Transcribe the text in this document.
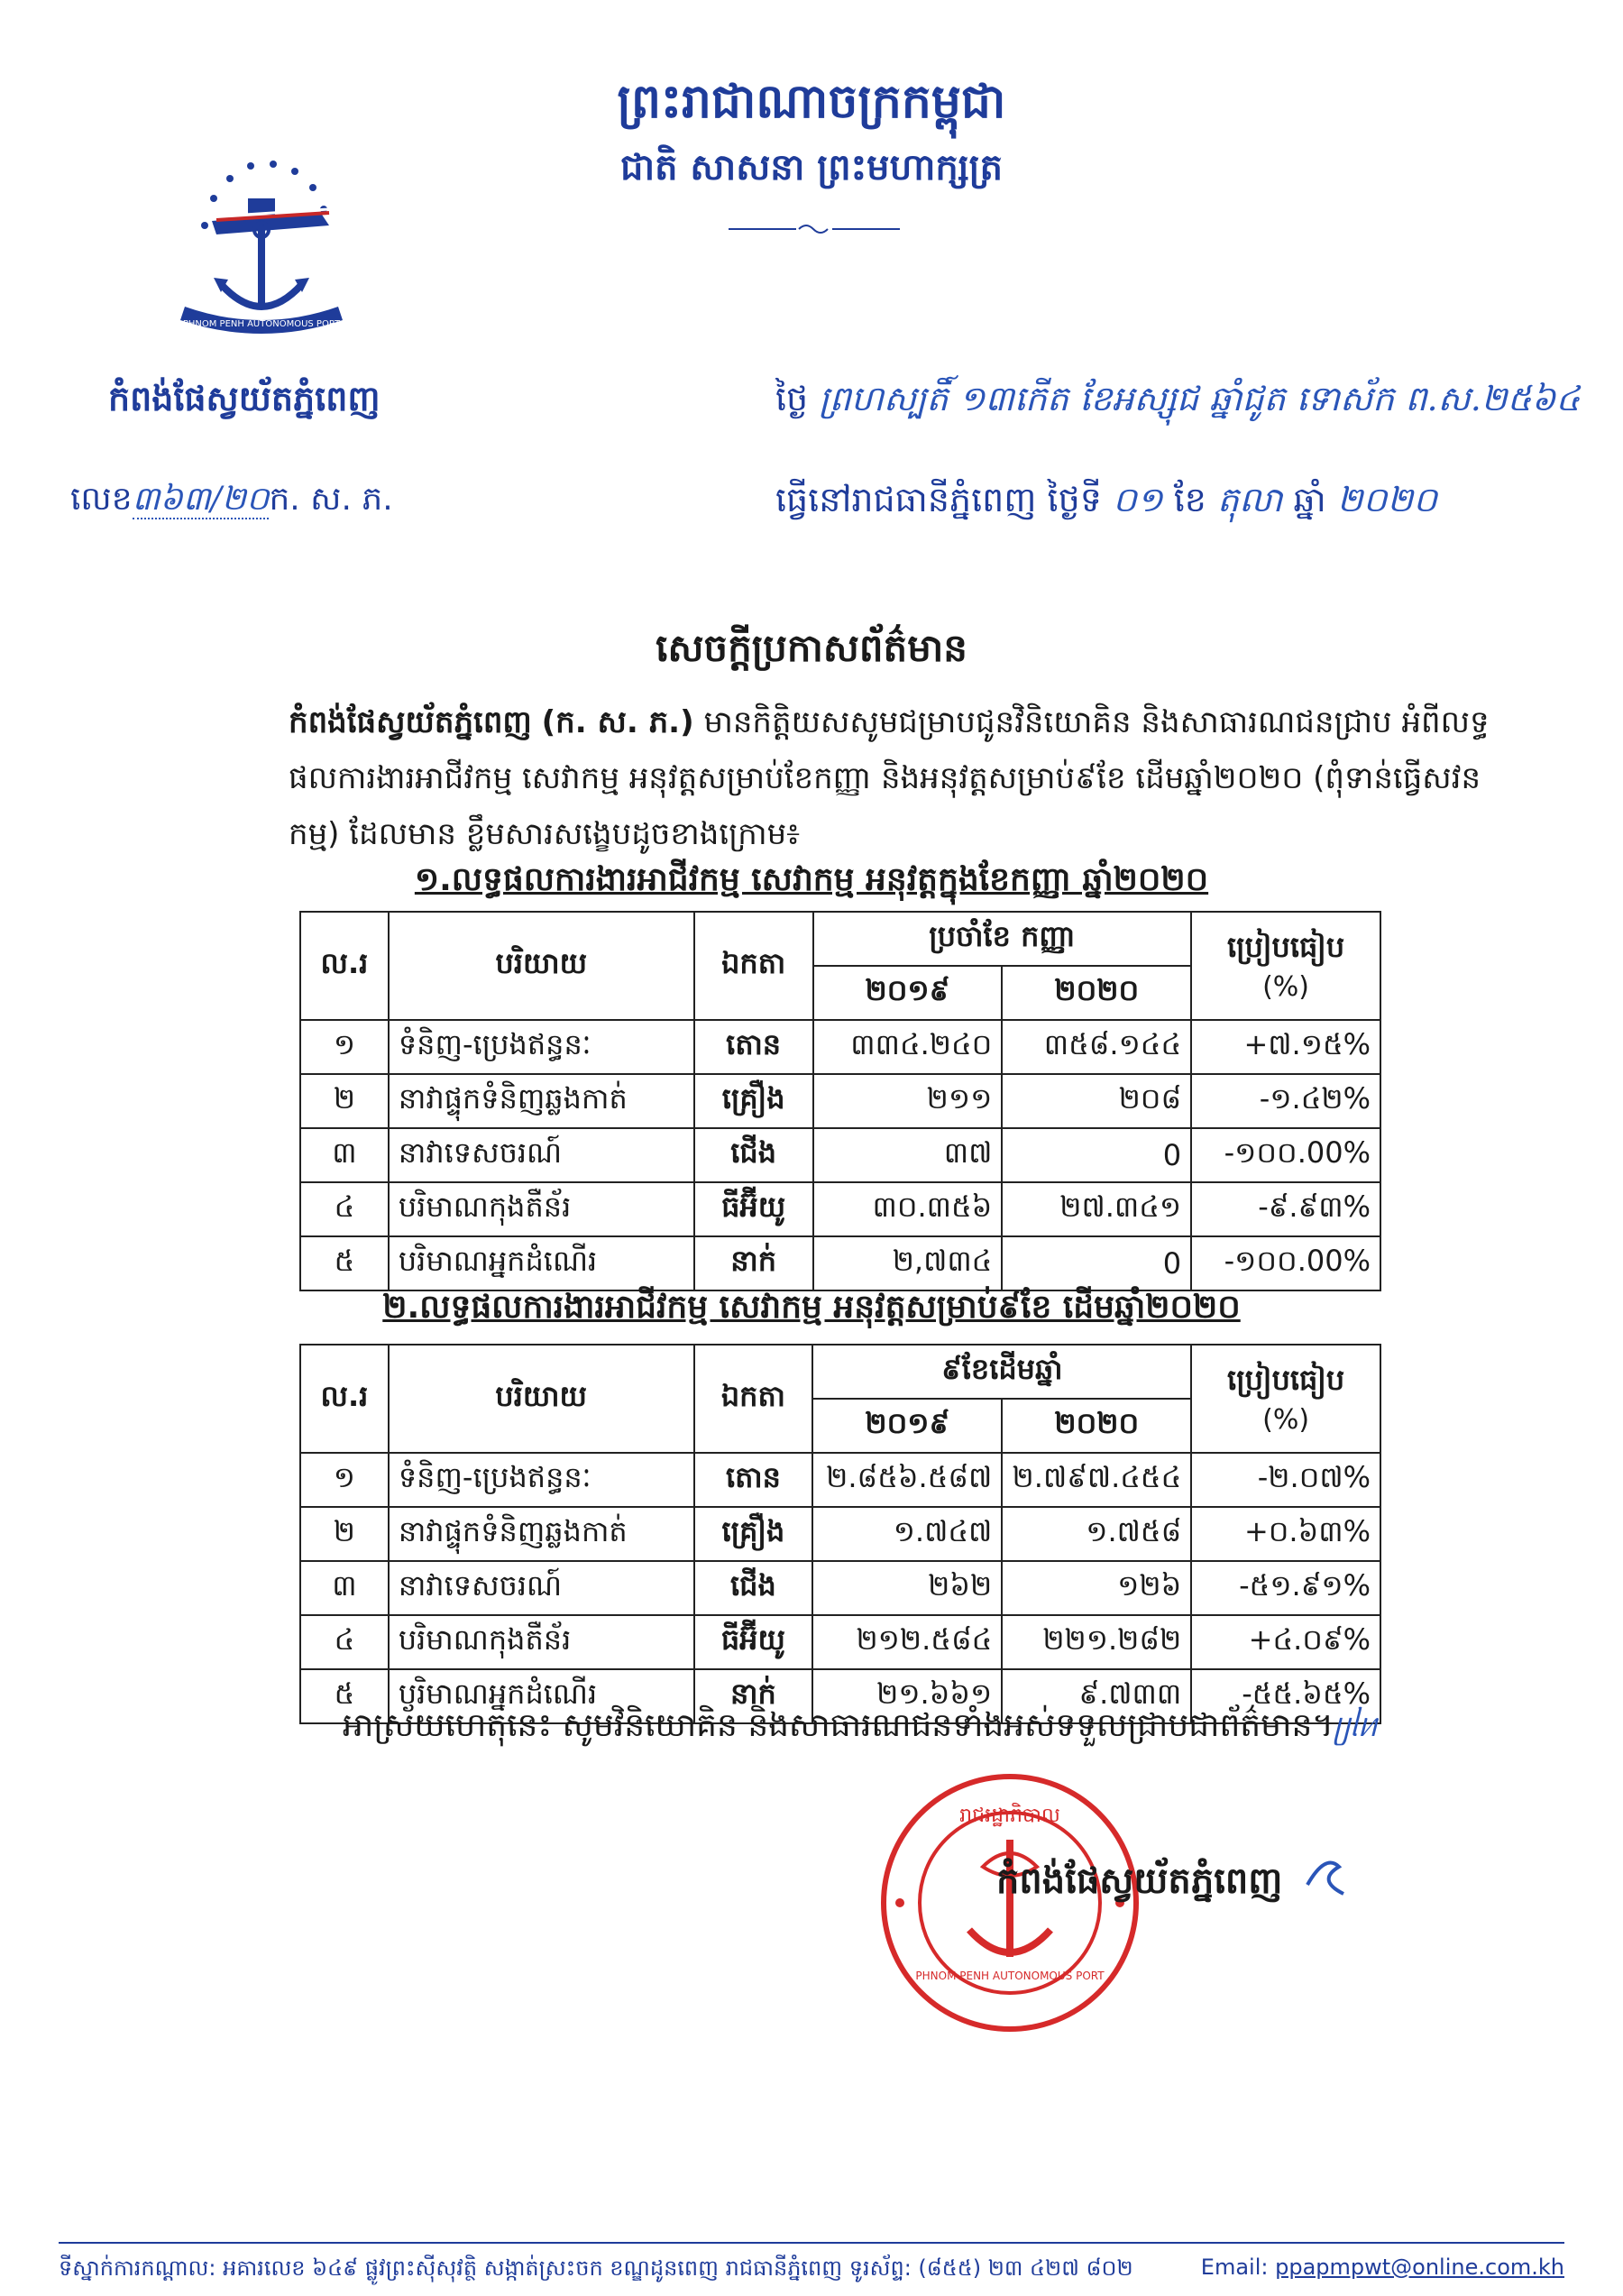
ព្រះរាជាណាចក្រកម្ពុជា
ជាតិ សាសនា ព្រះមហាក្សត្រ
PHNOM PENH AUTONOMOUS PORT
កំពង់ផែស្វយ័តភ្នំពេញ
លេខ៣៦៣/២០ក. ស. ភ.
ថ្ងៃ ព្រហស្បតិ៍ ១៣កើត ខែអស្សុជ ឆ្នាំជូត ទោស័ក ព.ស.២៥៦៤
ធ្វើនៅរាជធានីភ្នំពេញ ថ្ងៃទី ០១ ខែ តុលា ឆ្នាំ ២០២០
សេចក្ដីប្រកាសព័ត៌មាន
កំពង់ផែស្វយ័តភ្នំពេញ (ក. ស. ភ.) មានកិត្តិយសសូមជម្រាបជូនវិនិយោគិន និងសាធារណជនជ្រាប អំពីលទ្ធផលការងារអាជីវកម្ម សេវាកម្ម អនុវត្តសម្រាប់ខែកញ្ញា និងអនុវត្តសម្រាប់៩ខែ ដើមឆ្នាំ២០២០ (ពុំទាន់ធ្វើសវនកម្ម) ដែលមាន ខ្លឹមសារសង្ខេបដូចខាងក្រោម៖
១.លទ្ធផលការងារអាជីវកម្ម សេវាកម្ម អនុវត្តក្នុងខែកញ្ញា ឆ្នាំ២០២០
ល.រ	បរិយាយ	ឯកតា	ប្រចាំខែ កញ្ញា		ប្រៀបធៀប
(%)

			២០១៩	២០២០	
១	ទំនិញ-ប្រេងឥន្ធនៈ	តោន	៣៣៤.២៤០	៣៥៨.១៤៤	+៧.១៥%
២	នាវាផ្ទុកទំនិញឆ្លងកាត់	គ្រឿង	២១១	២០៨	-១.៤២%
៣	នាវាទេសចរណ៍	ជើង	៣៧	0	-១០០.00%
៤	បរិមាណកុងតឺន័រ	ធីអ៊ីយូ	៣០.៣៥៦	២៧.៣៤១	-៩.៩៣%
៥	បរិមាណអ្នកដំណើរ	នាក់	២,៧៣៤	0	-១០០.00%
២.លទ្ធផលការងារអាជីវកម្ម សេវាកម្ម អនុវត្តសម្រាប់៩ខែ ដើមឆ្នាំ២០២០
ល.រ	បរិយាយ	ឯកតា	៩ខែដើមឆ្នាំ		ប្រៀបធៀប
(%)

			២០១៩	២០២០	
១	ទំនិញ-ប្រេងឥន្ធនៈ	តោន	២.៨៥៦.៥៨៧	២.៧៩៧.៤៥៤	-២.០៧%
២	នាវាផ្ទុកទំនិញឆ្លងកាត់	គ្រឿង	១.៧៤៧	១.៧៥៨	+០.៦៣%
៣	នាវាទេសចរណ៍	ជើង	២៦២	១២៦	-៥១.៩១%
៤	បរិមាណកុងតឺន័រ	ធីអ៊ីយូ	២១២.៥៨៤	២២១.២៨២	+៤.០៩%
៥	បរិមាណអ្នកដំណើរ	នាក់	២១.៦៦១	៩.៧៣៣	-៥៥.៦៥%
អាស្រ័យហេតុនេះ សូមវិនិយោគិន និងសាធារណជនទាំងអស់ទទួលជ្រាបជាព័ត៌មាន។ᥩᥣᥢ
រាជរដ្ឋាភិបាល
PHNOM PENH AUTONOMOUS PORT
កំពង់ផែស្វយ័តភ្នំពេញ
ទីស្នាក់ការកណ្ដាល: អគារលេខ ៦៤៩ ផ្លូវព្រះស៊ីសុវត្ថិ សង្កាត់ស្រះចក ខណ្ឌដូនពេញ រាជធានីភ្នំពេញ ទូរស័ព្ទ: (៨៥៥) ២៣ ៤២៧ ៨០២	Email: ppapmpwt@online.com.kh
